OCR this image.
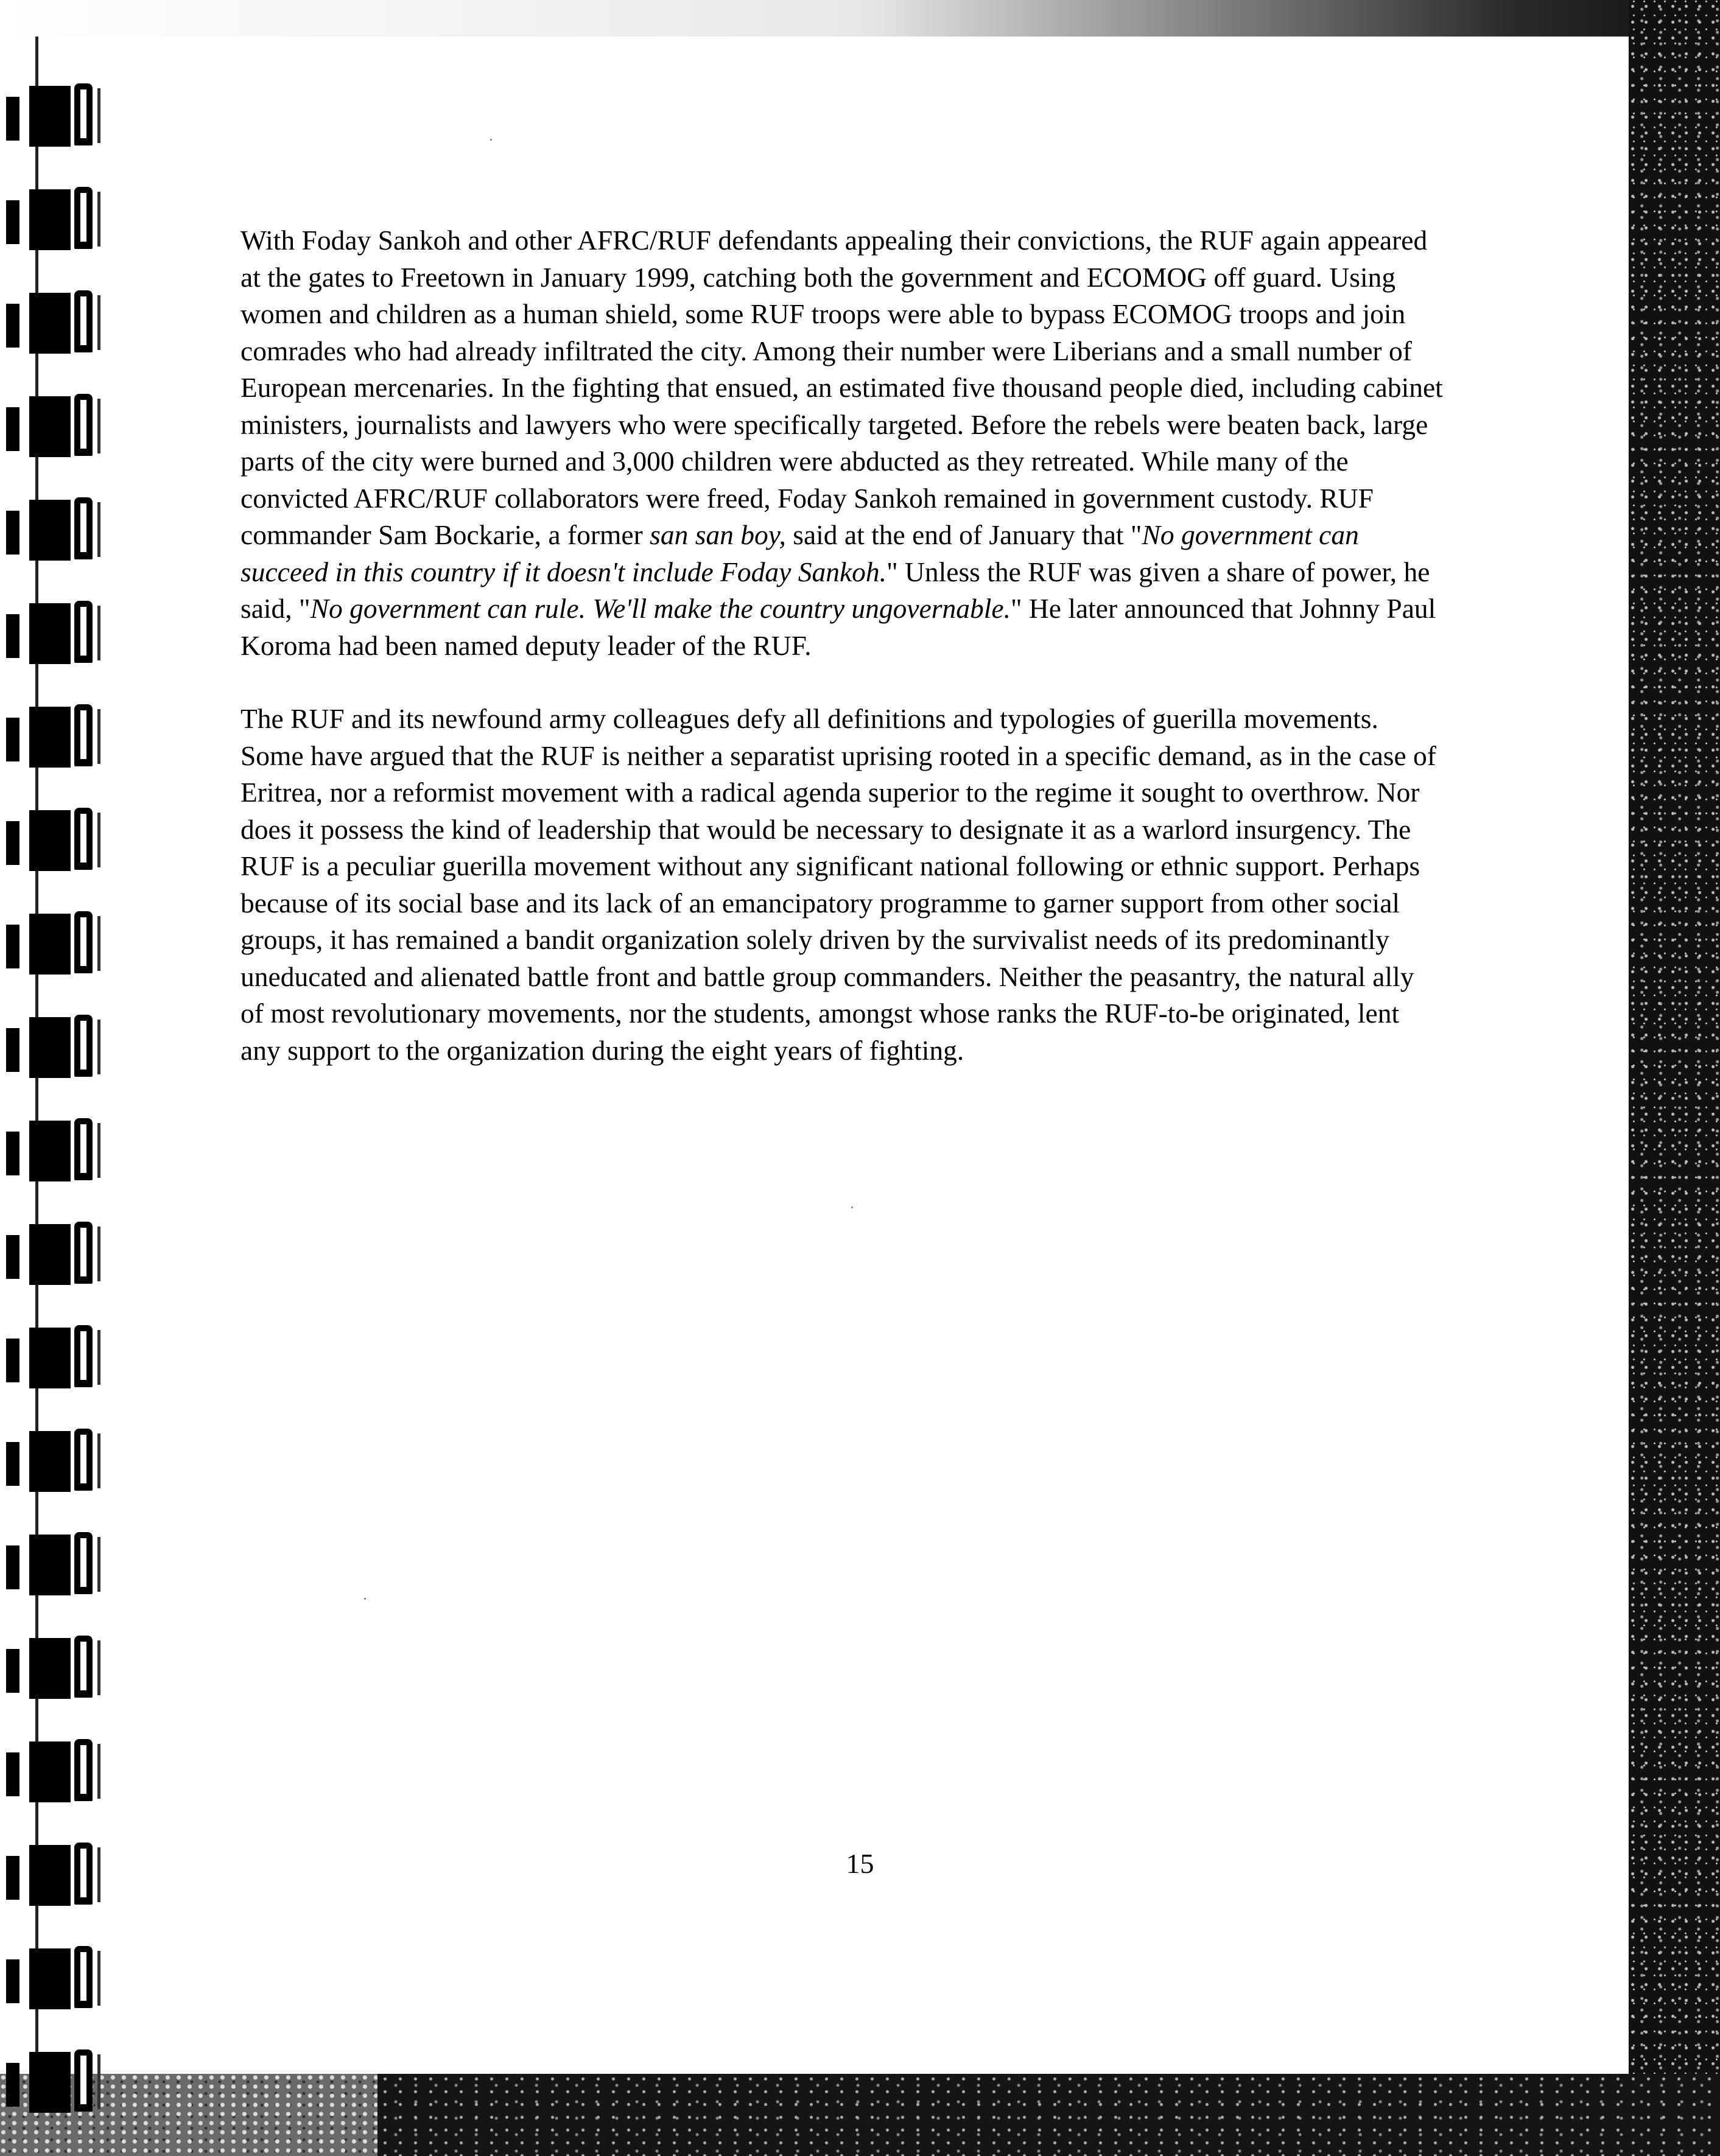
With Foday Sankoh and other AFRC/RUF defendants appealing their convictions, the RUF again appeared at the gates to Freetown in January 1999, catching both the government and ECOMOG off guard. Using women and children as a human shield, some RUF troops were able to bypass ECOMOG troops and join comrades who had already infiltrated the city. Among their number were Liberians and a small number of European mercenaries. In the fighting that ensued, an estimated five thousand people died, including cabinet ministers, journalists and lawyers who were specifically targeted. Before the rebels were beaten back, large parts of the city were burned and 3,000 children were abducted as they retreated. While many of the convicted AFRC/RUF collaborators were freed, Foday Sankoh remained in government custody. RUF commander Sam Bockarie, a former san san boy, said at the end of January that "No government can succeed in this country if it doesn't include Foday Sankoh." Unless the RUF was given a share of power, he said, "No government can rule. We'll make the country ungovernable." He later announced that Johnny Paul Koroma had been named deputy leader of the RUF.

The RUF and its newfound army colleagues defy all definitions and typologies of guerilla movements. Some have argued that the RUF is neither a separatist uprising rooted in a specific demand, as in the case of Eritrea, nor a reformist movement with a radical agenda superior to the regime it sought to overthrow. Nor does it possess the kind of leadership that would be necessary to designate it as a warlord insurgency. The RUF is a peculiar guerilla movement without any significant national following or ethnic support. Perhaps because of its social base and its lack of an emancipatory programme to garner support from other social groups, it has remained a bandit organization solely driven by the survivalist needs of its predominantly uneducated and alienated battle front and battle group commanders. Neither the peasantry, the natural ally of most revolutionary movements, nor the students, amongst whose ranks the RUF-to-be originated, lent any support to the organization during the eight years of fighting.

15
